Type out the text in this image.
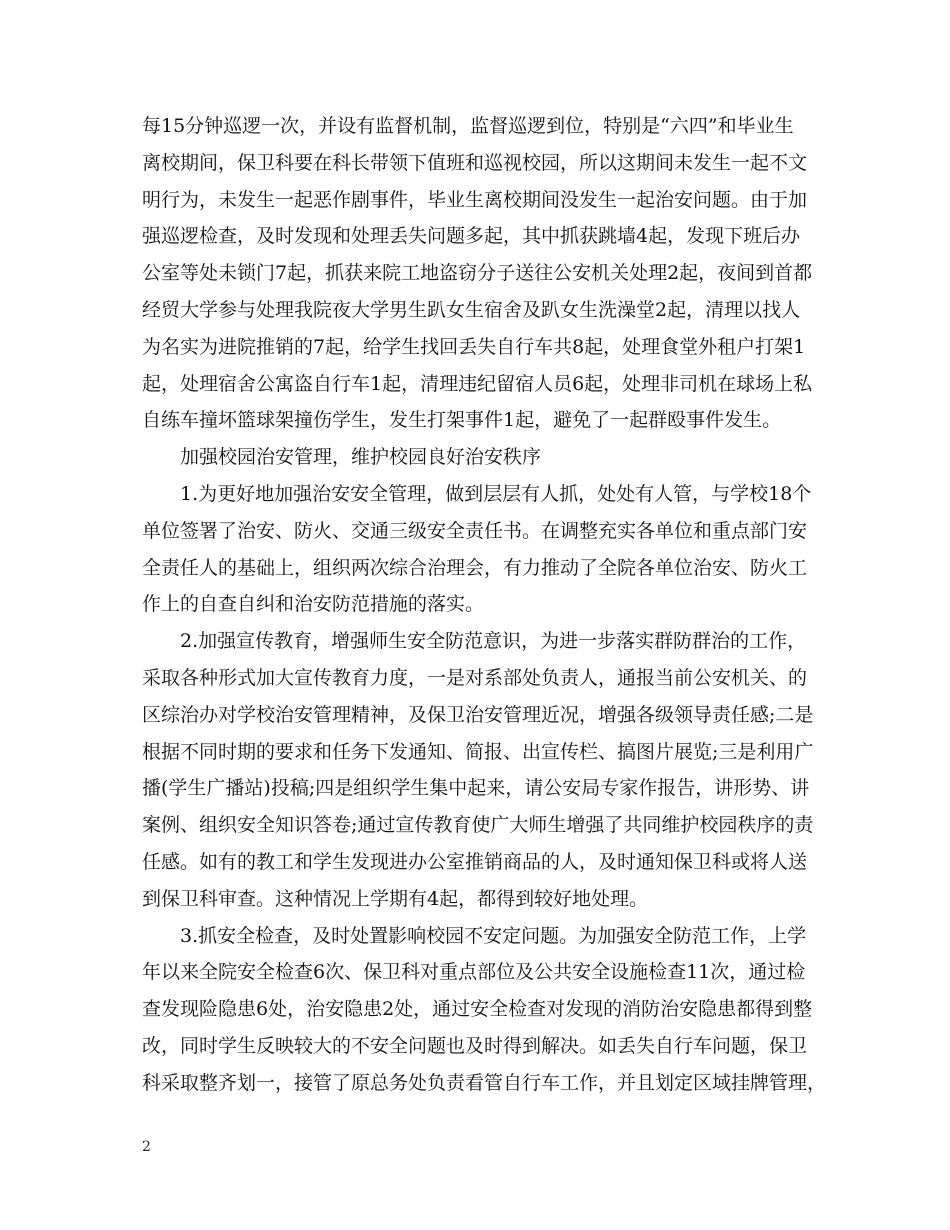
每15分钟巡逻一次，并设有监督机制，监督巡逻到位，特别是“六四”和毕业生
离校期间，保卫科要在科长带领下值班和巡视校园，所以这期间未发生一起不文
明行为，未发生一起恶作剧事件，毕业生离校期间没发生一起治安问题。由于加
强巡逻检查，及时发现和处理丢失问题多起，其中抓获跳墙4起，发现下班后办
公室等处未锁门7起，抓获来院工地盗窃分子送往公安机关处理2起，夜间到首都
经贸大学参与处理我院夜大学男生趴女生宿舍及趴女生洗澡堂2起，清理以找人
为名实为进院推销的7起，给学生找回丢失自行车共8起，处理食堂外租户打架1
起，处理宿舍公寓盗自行车1起，清理违纪留宿人员6起，处理非司机在球场上私
自练车撞坏篮球架撞伤学生，发生打架事件1起，避免了一起群殴事件发生。
加强校园治安管理，维护校园良好治安秩序
1.为更好地加强治安安全管理，做到层层有人抓，处处有人管，与学校18个
单位签署了治安、防火、交通三级安全责任书。在调整充实各单位和重点部门安
全责任人的基础上，组织两次综合治理会，有力推动了全院各单位治安、防火工
作上的自查自纠和治安防范措施的落实。
2.加强宣传教育，增强师生安全防范意识，为进一步落实群防群治的工作，
采取各种形式加大宣传教育力度，一是对系部处负责人，通报当前公安机关、的
区综治办对学校治安管理精神，及保卫治安管理近况，增强各级领导责任感;二是
根据不同时期的要求和任务下发通知、简报、出宣传栏、搞图片展览;三是利用广
播(学生广播站)投稿;四是组织学生集中起来，请公安局专家作报告，讲形势、讲
案例、组织安全知识答卷;通过宣传教育使广大师生增强了共同维护校园秩序的责
任感。如有的教工和学生发现进办公室推销商品的人，及时通知保卫科或将人送
到保卫科审查。这种情况上学期有4起，都得到较好地处理。
3.抓安全检查，及时处置影响校园不安定问题。为加强安全防范工作，上学
年以来全院安全检查6次、保卫科对重点部位及公共安全设施检查11次，通过检
查发现险隐患6处，治安隐患2处，通过安全检查对发现的消防治安隐患都得到整
改，同时学生反映较大的不安全问题也及时得到解决。如丢失自行车问题，保卫
科采取整齐划一，接管了原总务处负责看管自行车工作，并且划定区域挂牌管理，
2
